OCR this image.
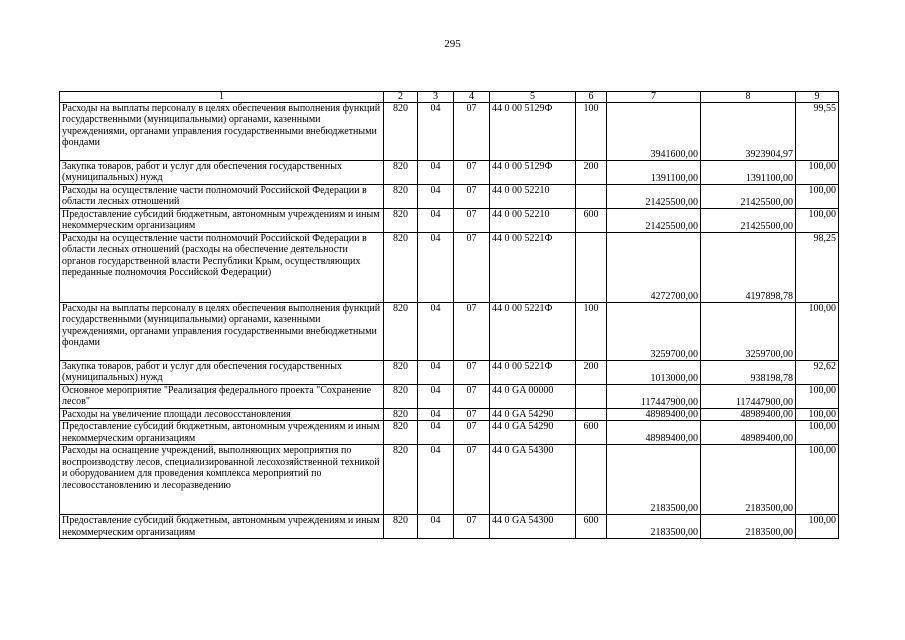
295
1	2	3	4	5	6	7	8	9
Расходы на выплаты персоналу в целях обеспечения выполнения функций государственными (муниципальными) органами, казенными учреждениями, органами управления государственными внебюджетными фондами	820	04	07	44 0 00 5129Ф	100	3941600,00	3923904,97	99,55
Закупка товаров, работ и услуг для обеспечения государственных (муниципальных) нужд	820	04	07	44 0 00 5129Ф	200	1391100,00	1391100,00	100,00
Расходы на осуществление части полномочий Российской Федерации в области лесных отношений	820	04	07	44 0 00 52210		21425500,00	21425500,00	100,00
Предоставление субсидий бюджетным, автономным учреждениям и иным некоммерческим организациям	820	04	07	44 0 00 52210	600	21425500,00	21425500,00	100,00
Расходы на осуществление части полномочий Российской Федерации в области лесных отношений (расходы на обеспечение деятельности органов государственной власти Республики Крым, осуществляющих переданные полномочия Российской Федерации)	820	04	07	44 0 00 5221Ф		4272700,00	4197898,78	98,25
Расходы на выплаты персоналу в целях обеспечения выполнения функций государственными (муниципальными) органами, казенными учреждениями, органами управления государственными внебюджетными фондами	820	04	07	44 0 00 5221Ф	100	3259700,00	3259700,00	100,00
Закупка товаров, работ и услуг для обеспечения государственных (муниципальных) нужд	820	04	07	44 0 00 5221Ф	200	1013000,00	938198,78	92,62
Основное мероприятие "Реализация федерального проекта "Сохранение лесов"	820	04	07	44 0 GA 00000		117447900,00	117447900,00	100,00
Расходы на увеличение площади лесовосстановления	820	04	07	44 0 GA 54290		48989400,00	48989400,00	100,00
Предоставление субсидий бюджетным, автономным учреждениям и иным некоммерческим организациям	820	04	07	44 0 GA 54290	600	48989400,00	48989400,00	100,00
Расходы на оснащение учреждений, выполняющих мероприятия по воспроизводству лесов, специализированной лесохозяйственной техникой и оборудованием для проведения комплекса мероприятий по лесовосстановлению и лесоразведению	820	04	07	44 0 GA 54300		2183500,00	2183500,00	100,00
Предоставление субсидий бюджетным, автономным учреждениям и иным некоммерческим организациям	820	04	07	44 0 GA 54300	600	2183500,00	2183500,00	100,00
